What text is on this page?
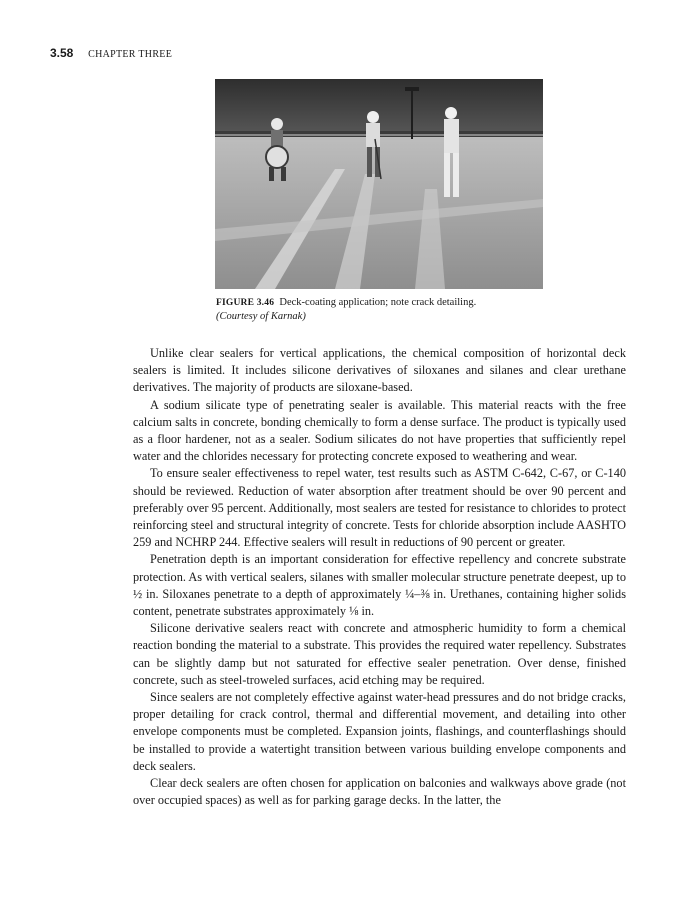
3.58 CHAPTER THREE
FIGURE 3.46 Deck-coating application; note crack detailing.
(Courtesy of Karnak)

Unlike clear sealers for vertical applications, the chemical composition of horizontal deck sealers is limited. It includes silicone derivatives of siloxanes and silanes and clear urethane derivatives. The majority of products are siloxane-based.

A sodium silicate type of penetrating sealer is available. This material reacts with the free calcium salts in concrete, bonding chemically to form a dense surface. The product is typically used as a floor hardener, not as a sealer. Sodium silicates do not have properties that sufficiently repel water and the chlorides necessary for protecting concrete exposed to weathering and wear.

To ensure sealer effectiveness to repel water, test results such as ASTM C-642, C-67, or C-140 should be reviewed. Reduction of water absorption after treatment should be over 90 percent and preferably over 95 percent. Additionally, most sealers are tested for resistance to chlorides to protect reinforcing steel and structural integrity of concrete. Tests for chloride absorption include AASHTO 259 and NCHRP 244. Effective sealers will result in reductions of 90 percent or greater.

Penetration depth is an important consideration for effective repellency and concrete substrate protection. As with vertical sealers, silanes with smaller molecular structure penetrate deepest, up to ½ in. Siloxanes penetrate to a depth of approximately ¼–⅜ in. Urethanes, containing higher solids content, penetrate substrates approximately ⅛ in.

Silicone derivative sealers react with concrete and atmospheric humidity to form a chemical reaction bonding the material to a substrate. This provides the required water repellency. Substrates can be slightly damp but not saturated for effective sealer penetration. Over dense, finished concrete, such as steel-troweled surfaces, acid etching may be required.

Since sealers are not completely effective against water-head pressures and do not bridge cracks, proper detailing for crack control, thermal and differential movement, and detailing into other envelope components must be completed. Expansion joints, flashings, and counterflashings should be installed to provide a watertight transition between various building envelope components and deck sealers.

Clear deck sealers are often chosen for application on balconies and walkways above grade (not over occupied spaces) as well as for parking garage decks. In the latter, the
